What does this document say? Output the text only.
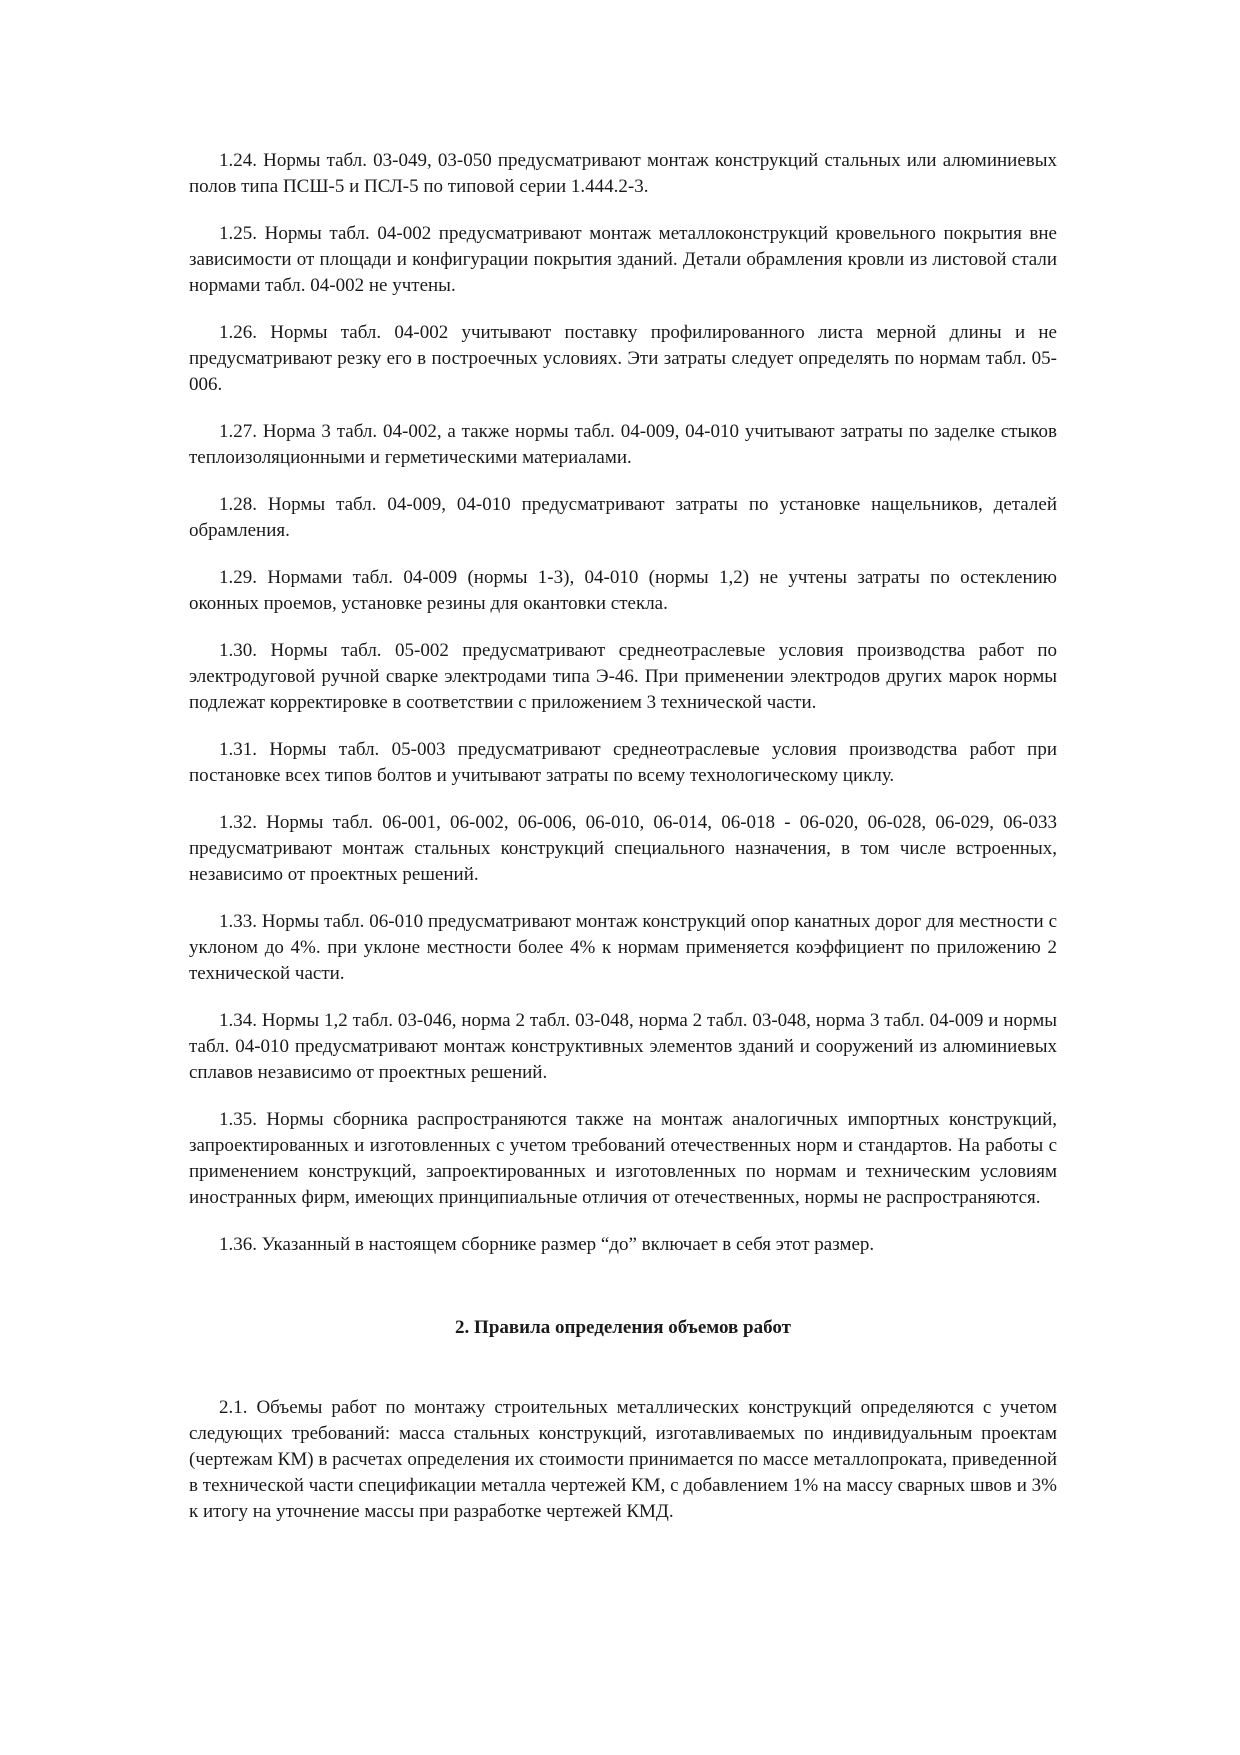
1.24. Нормы табл. 03-049, 03-050 предусматривают монтаж конструкций стальных или алюминиевых полов типа ПСШ-5 и ПСЛ-5 по типовой серии 1.444.2-3.

1.25. Нормы табл. 04-002 предусматривают монтаж металлоконструкций кровельного покрытия вне зависимости от площади и конфигурации покрытия зданий. Детали обрамления кровли из листовой стали нормами табл. 04-002 не учтены.

1.26. Нормы табл. 04-002 учитывают поставку профилированного листа мерной длины и не предусматривают резку его в построечных условиях. Эти затраты следует определять по нормам табл. 05-006.

1.27. Норма 3 табл. 04-002, а также нормы табл. 04-009, 04-010 учитывают затраты по заделке стыков теплоизоляционными и герметическими материалами.

1.28. Нормы табл. 04-009, 04-010 предусматривают затраты по установке нащельников, деталей обрамления.

1.29. Нормами табл. 04-009 (нормы 1-3), 04-010 (нормы 1,2) не учтены затраты по остеклению оконных проемов, установке резины для окантовки стекла.

1.30. Нормы табл. 05-002 предусматривают среднеотраслевые условия производства работ по электродуговой ручной сварке электродами типа Э-46. При применении электродов других марок нормы подлежат корректировке в соответствии с приложением 3 технической части.

1.31. Нормы табл. 05-003 предусматривают среднеотраслевые условия производства работ при постановке всех типов болтов и учитывают затраты по всему технологическому циклу.

1.32. Нормы табл. 06-001, 06-002, 06-006, 06-010, 06-014, 06-018 - 06-020, 06-028, 06-029, 06-033 предусматривают монтаж стальных конструкций специального назначения, в том числе встроенных, независимо от проектных решений.

1.33. Нормы табл. 06-010 предусматривают монтаж конструкций опор канатных дорог для местности с уклоном до 4%. при уклоне местности более 4% к нормам применяется коэффициент по приложению 2 технической части.

1.34. Нормы 1,2 табл. 03-046, норма 2 табл. 03-048, норма 2 табл. 03-048, норма 3 табл. 04-009 и нормы табл. 04-010 предусматривают монтаж конструктивных элементов зданий и сооружений из алюминиевых сплавов независимо от проектных решений.

1.35. Нормы сборника распространяются также на монтаж аналогичных импортных конструкций, запроектированных и изготовленных с учетом требований отечественных норм и стандартов. На работы с применением конструкций, запроектированных и изготовленных по нормам и техническим условиям иностранных фирм, имеющих принципиальные отличия от отечественных, нормы не распространяются.

1.36. Указанный в настоящем сборнике размер “до” включает в себя этот размер.

2. Правила определения объемов работ

2.1. Объемы работ по монтажу строительных металлических конструкций определяются с учетом следующих требований: масса стальных конструкций, изготавливаемых по индивидуальным проектам (чертежам КМ) в расчетах определения их стоимости принимается по массе металлопроката, приведенной в технической части спецификации металла чертежей КМ, с добавлением 1% на массу сварных швов и 3% к итогу на уточнение массы при разработке чертежей КМД.
